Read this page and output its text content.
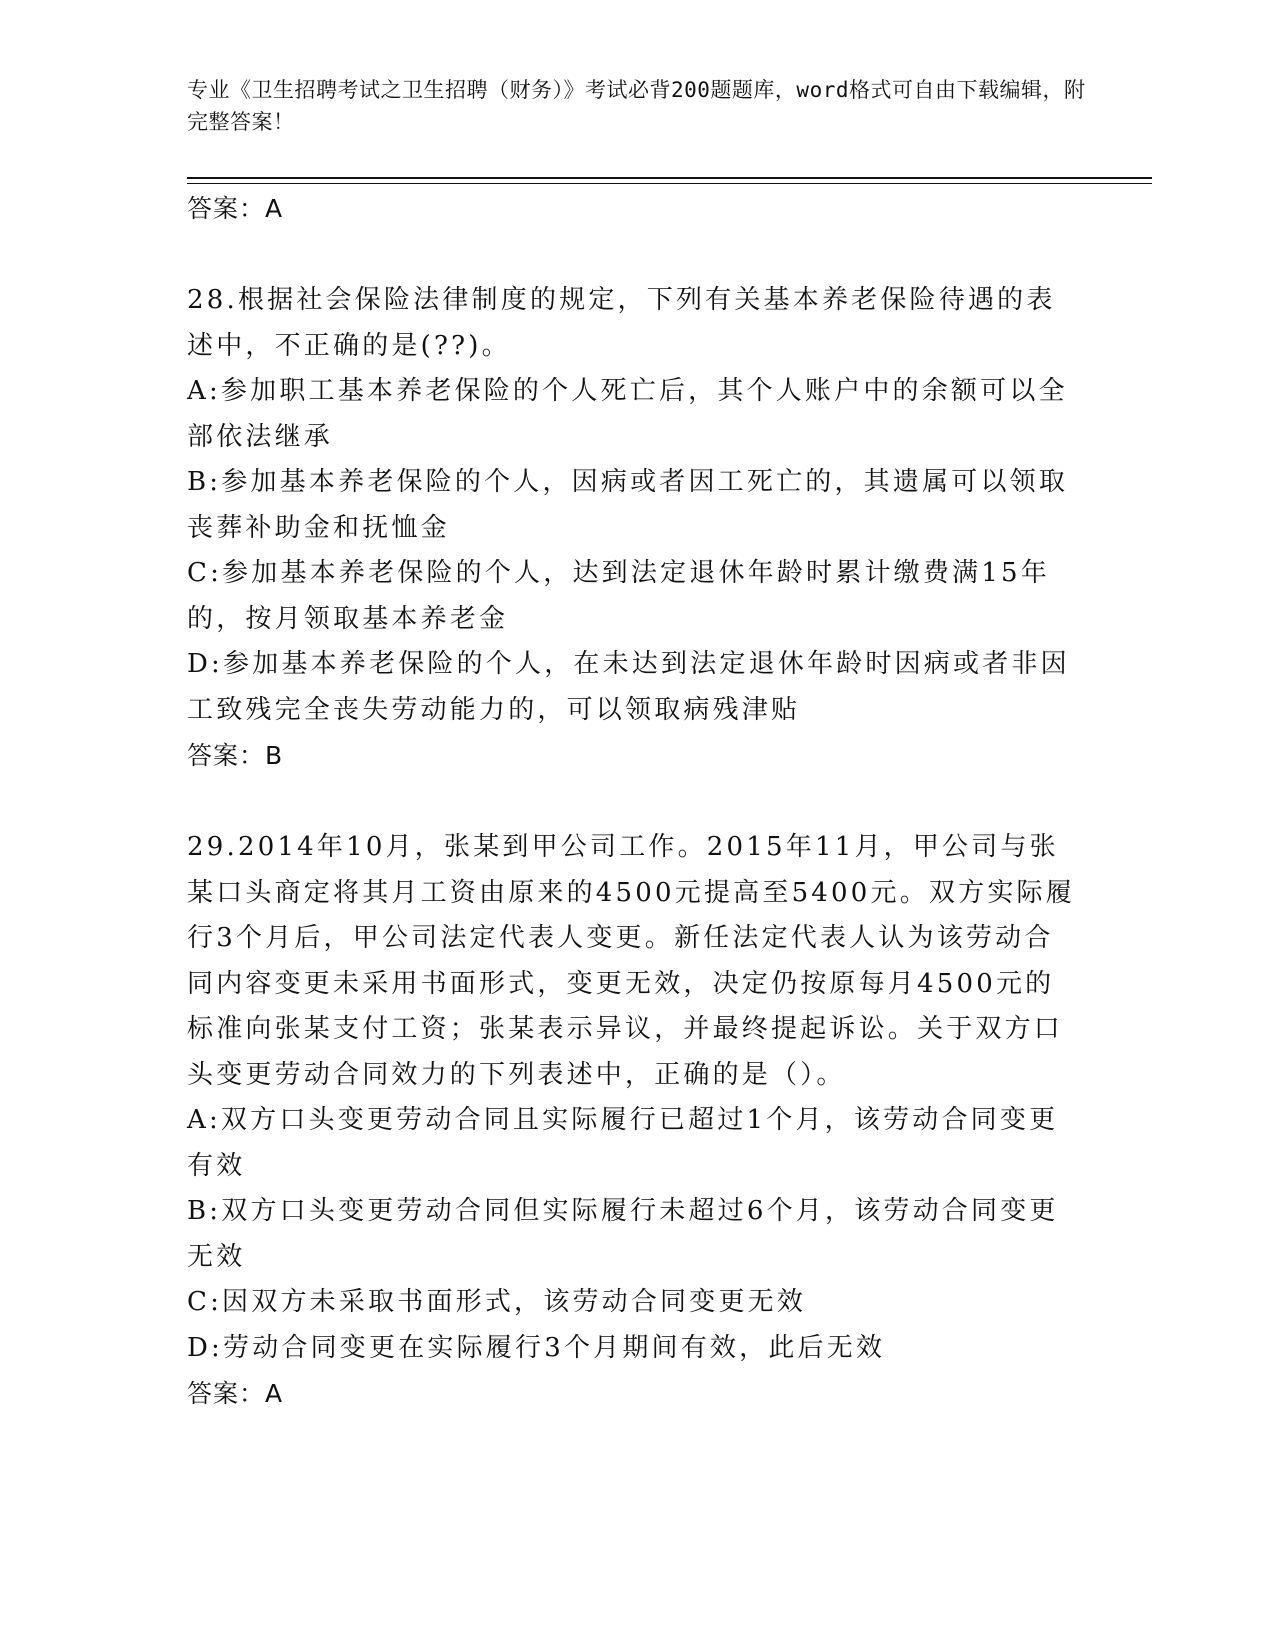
专业《卫生招聘考试之卫生招聘（财务）》考试必背200题题库，word格式可自由下载编辑，附完整答案！

答案：A

28.根据社会保险法律制度的规定，下列有关基本养老保险待遇的表述中，不正确的是(??)。

A:参加职工基本养老保险的个人死亡后，其个人账户中的余额可以全部依法继承

B:参加基本养老保险的个人，因病或者因工死亡的，其遗属可以领取丧葬补助金和抚恤金

C:参加基本养老保险的个人，达到法定退休年龄时累计缴费满15年的，按月领取基本养老金

D:参加基本养老保险的个人，在未达到法定退休年龄时因病或者非因工致残完全丧失劳动能力的，可以领取病残津贴

答案：B

29.2014年10月，张某到甲公司工作。2015年11月，甲公司与张某口头商定将其月工资由原来的4500元提高至5400元。双方实际履行3个月后，甲公司法定代表人变更。新任法定代表人认为该劳动合同内容变更未采用书面形式，变更无效，决定仍按原每月4500元的标准向张某支付工资；张某表示异议，并最终提起诉讼。关于双方口头变更劳动合同效力的下列表述中，正确的是（）。

A:双方口头变更劳动合同且实际履行已超过1个月，该劳动合同变更有效

B:双方口头变更劳动合同但实际履行未超过6个月，该劳动合同变更无效

C:因双方未采取书面形式，该劳动合同变更无效

D:劳动合同变更在实际履行3个月期间有效，此后无效

答案：A
